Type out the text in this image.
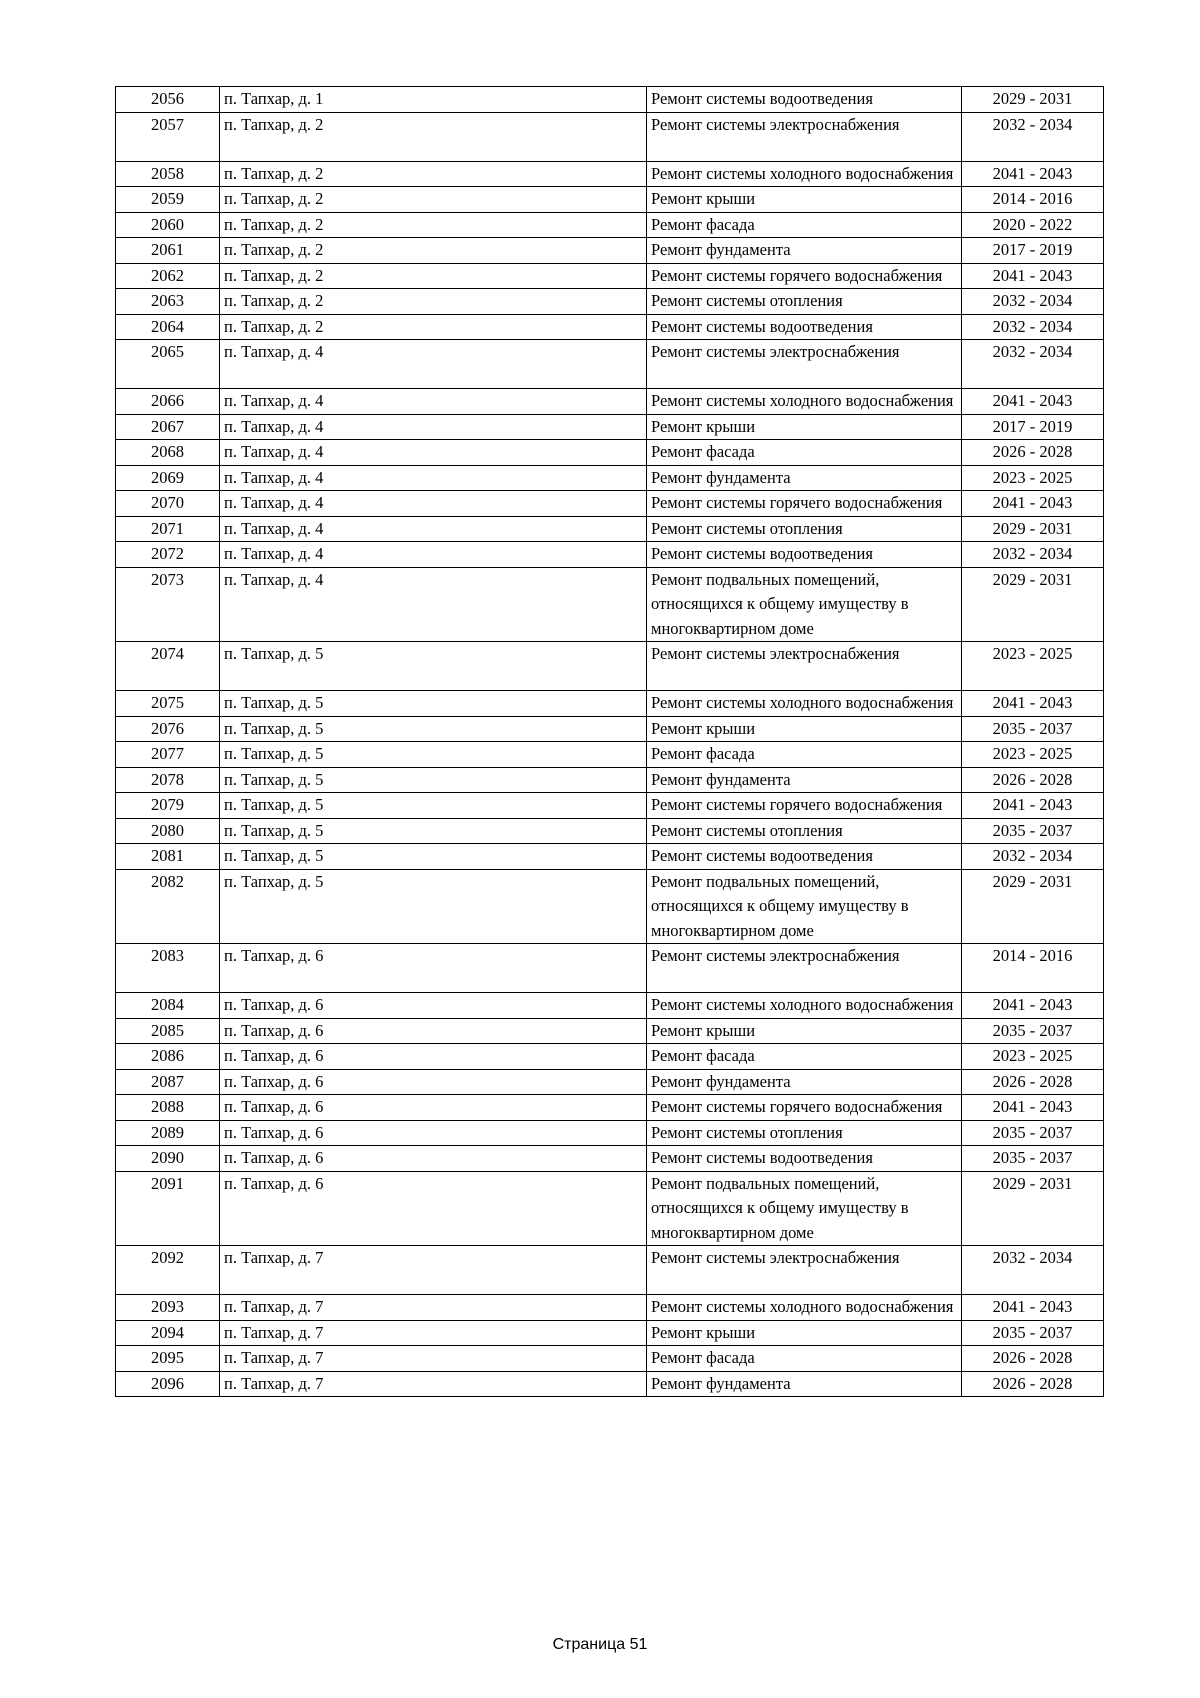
2056	п. Тапхар, д. 1	Ремонт системы водоотведения	2029 - 2031
2057	п. Тапхар, д. 2	Ремонт системы электроснабжения	2032 - 2034
2058	п. Тапхар, д. 2	Ремонт системы холодного водоснабжения	2041 - 2043
2059	п. Тапхар, д. 2	Ремонт крыши	2014 - 2016
2060	п. Тапхар, д. 2	Ремонт фасада	2020 - 2022
2061	п. Тапхар, д. 2	Ремонт фундамента	2017 - 2019
2062	п. Тапхар, д. 2	Ремонт системы горячего водоснабжения	2041 - 2043
2063	п. Тапхар, д. 2	Ремонт системы отопления	2032 - 2034
2064	п. Тапхар, д. 2	Ремонт системы водоотведения	2032 - 2034
2065	п. Тапхар, д. 4	Ремонт системы электроснабжения	2032 - 2034
2066	п. Тапхар, д. 4	Ремонт системы холодного водоснабжения	2041 - 2043
2067	п. Тапхар, д. 4	Ремонт крыши	2017 - 2019
2068	п. Тапхар, д. 4	Ремонт фасада	2026 - 2028
2069	п. Тапхар, д. 4	Ремонт фундамента	2023 - 2025
2070	п. Тапхар, д. 4	Ремонт системы горячего водоснабжения	2041 - 2043
2071	п. Тапхар, д. 4	Ремонт системы отопления	2029 - 2031
2072	п. Тапхар, д. 4	Ремонт системы водоотведения	2032 - 2034
2073	п. Тапхар, д. 4	Ремонт подвальных помещений, относящихся к общему имуществу в многоквартирном доме	2029 - 2031
2074	п. Тапхар, д. 5	Ремонт системы электроснабжения	2023 - 2025
2075	п. Тапхар, д. 5	Ремонт системы холодного водоснабжения	2041 - 2043
2076	п. Тапхар, д. 5	Ремонт крыши	2035 - 2037
2077	п. Тапхар, д. 5	Ремонт фасада	2023 - 2025
2078	п. Тапхар, д. 5	Ремонт фундамента	2026 - 2028
2079	п. Тапхар, д. 5	Ремонт системы горячего водоснабжения	2041 - 2043
2080	п. Тапхар, д. 5	Ремонт системы отопления	2035 - 2037
2081	п. Тапхар, д. 5	Ремонт системы водоотведения	2032 - 2034
2082	п. Тапхар, д. 5	Ремонт подвальных помещений, относящихся к общему имуществу в многоквартирном доме	2029 - 2031
2083	п. Тапхар, д. 6	Ремонт системы электроснабжения	2014 - 2016
2084	п. Тапхар, д. 6	Ремонт системы холодного водоснабжения	2041 - 2043
2085	п. Тапхар, д. 6	Ремонт крыши	2035 - 2037
2086	п. Тапхар, д. 6	Ремонт фасада	2023 - 2025
2087	п. Тапхар, д. 6	Ремонт фундамента	2026 - 2028
2088	п. Тапхар, д. 6	Ремонт системы горячего водоснабжения	2041 - 2043
2089	п. Тапхар, д. 6	Ремонт системы отопления	2035 - 2037
2090	п. Тапхар, д. 6	Ремонт системы водоотведения	2035 - 2037
2091	п. Тапхар, д. 6	Ремонт подвальных помещений, относящихся к общему имуществу в многоквартирном доме	2029 - 2031
2092	п. Тапхар, д. 7	Ремонт системы электроснабжения	2032 - 2034
2093	п. Тапхар, д. 7	Ремонт системы холодного водоснабжения	2041 - 2043
2094	п. Тапхар, д. 7	Ремонт крыши	2035 - 2037
2095	п. Тапхар, д. 7	Ремонт фасада	2026 - 2028
2096	п. Тапхар, д. 7	Ремонт фундамента	2026 - 2028
Страница 51
